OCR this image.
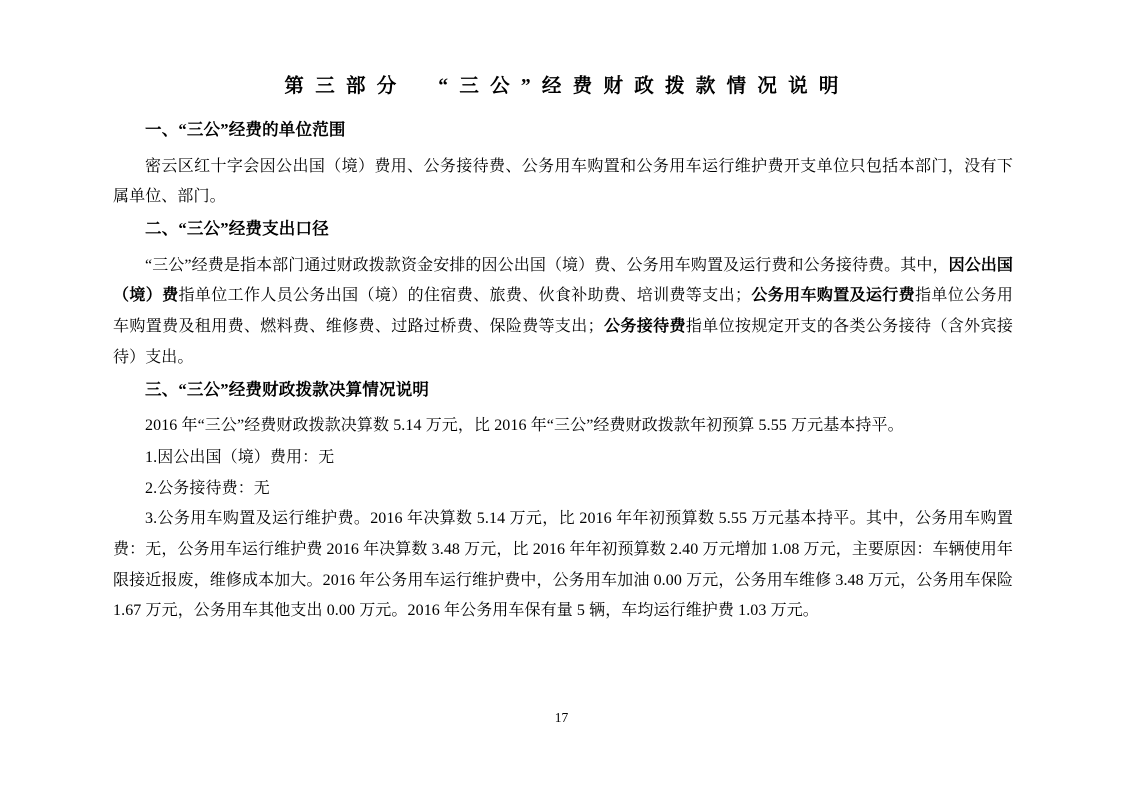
第 三 部 分 　 “ 三 公 ” 经 费 财 政 拨 款 情 况 说 明
一、“三公”经费的单位范围

密云区红十字会因公出国（境）费用、公务接待费、公务用车购置和公务用车运行维护费开支单位只包括本部门，没有下属单位、部门。

二、“三公”经费支出口径

“三公”经费是指本部门通过财政拨款资金安排的因公出国（境）费、公务用车购置及运行费和公务接待费。其中，因公出国（境）费指单位工作人员公务出国（境）的住宿费、旅费、伙食补助费、培训费等支出；公务用车购置及运行费指单位公务用车购置费及租用费、燃料费、维修费、过路过桥费、保险费等支出；公务接待费指单位按规定开支的各类公务接待（含外宾接待）支出。

三、“三公”经费财政拨款决算情况说明

2016 年“三公”经费财政拨款决算数 5.14 万元，比 2016 年“三公”经费财政拨款年初预算 5.55 万元基本持平。

1.因公出国（境）费用：无

2.公务接待费：无

3.公务用车购置及运行维护费。2016 年决算数 5.14 万元，比 2016 年年初预算数 5.55 万元基本持平。其中，公务用车购置费：无，公务用车运行维护费 2016 年决算数 3.48 万元，比 2016 年年初预算数 2.40 万元增加 1.08 万元，主要原因：车辆使用年限接近报废，维修成本加大。2016 年公务用车运行维护费中，公务用车加油 0.00 万元，公务用车维修 3.48 万元，公务用车保险 1.67 万元，公务用车其他支出 0.00 万元。2016 年公务用车保有量 5 辆，车均运行维护费 1.03 万元。

17
